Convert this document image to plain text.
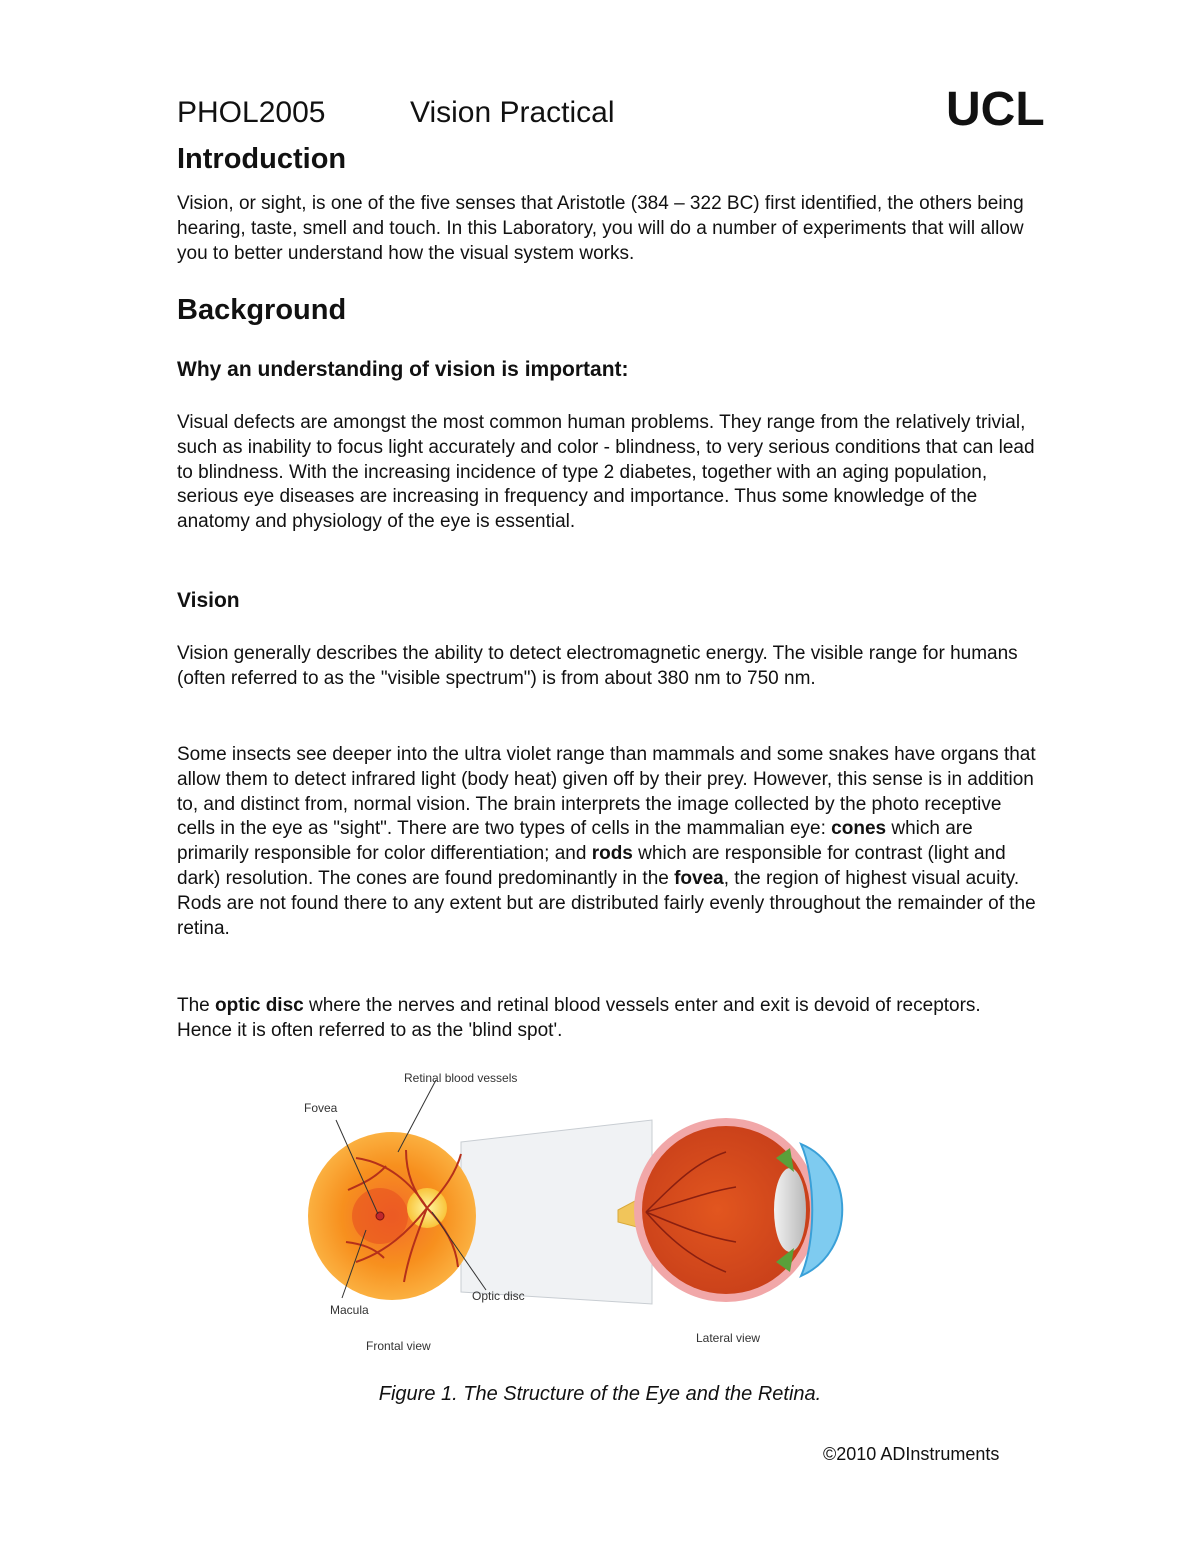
PHOL2005	Vision Practical	UCL
Introduction
Vision, or sight, is one of the five senses that Aristotle (384 – 322 BC) first identified, the others being hearing, taste, smell and touch. In this Laboratory, you will do a number of experiments that will allow you to better understand how the visual system works.
Background
Why an understanding of vision is important:
Visual defects are amongst the most common human problems. They range from the relatively trivial, such as inability to focus light accurately and color - blindness, to very serious conditions that can lead to blindness. With the increasing incidence of type 2 diabetes, together with an aging population, serious eye diseases are increasing in frequency and importance. Thus some knowledge of the anatomy and physiology of the eye is essential.
Vision
Vision generally describes the ability to detect electromagnetic energy. The visible range for humans (often referred to as the "visible spectrum") is from about 380 nm to 750 nm.
Some insects see deeper into the ultra violet range than mammals and some snakes have organs that allow them to detect infrared light (body heat) given off by their prey. However, this sense is in addition to, and distinct from, normal vision. The brain interprets the image collected by the photo receptive cells in the eye as "sight". There are two types of cells in the mammalian eye: cones which are primarily responsible for color differentiation; and rods which are responsible for contrast (light and dark) resolution. The cones are found predominantly in the fovea, the region of highest visual acuity. Rods are not found there to any extent but are distributed fairly evenly throughout the remainder of the retina.
The optic disc where the nerves and retinal blood vessels enter and exit is devoid of receptors. Hence it is often referred to as the 'blind spot'.
Retinal blood vessels
Fovea
Macula
Optic disc
Frontal view
Lateral view
Figure 1. The Structure of the Eye and the Retina.
©2010 ADInstruments
